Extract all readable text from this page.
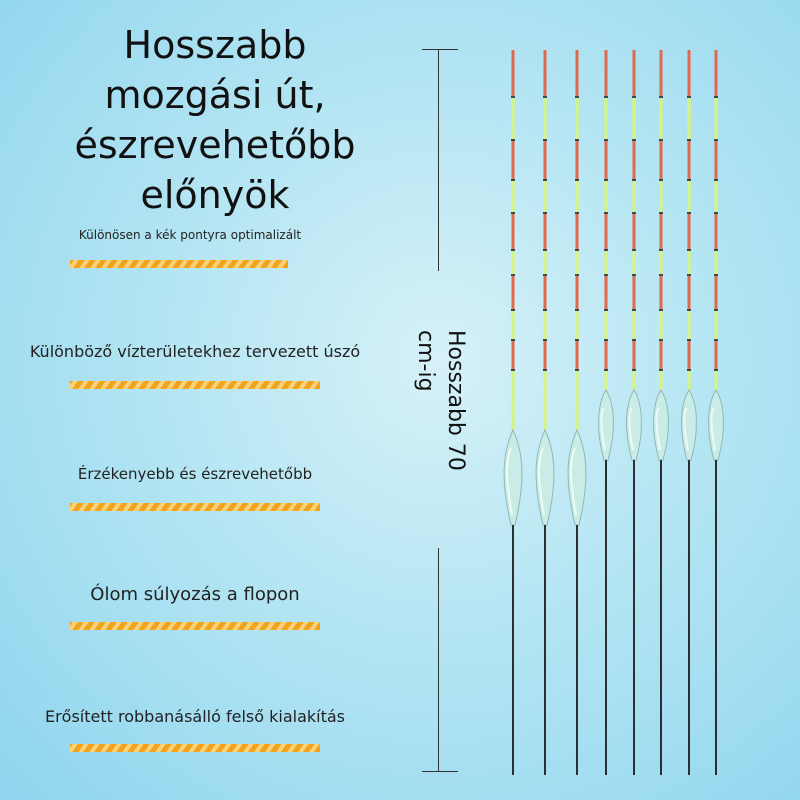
Hosszabb
mozgási út,
észrevehetőbb
előnyök
Különösen a kék pontyra optimalizált
Különböző vízterületekhez tervezett úszó
Érzékenyebb és észrevehetőbb
Ólom súlyozás a flopon
Erősített robbanásálló felső kialakítás
Hosszabb 70
cm-ig
